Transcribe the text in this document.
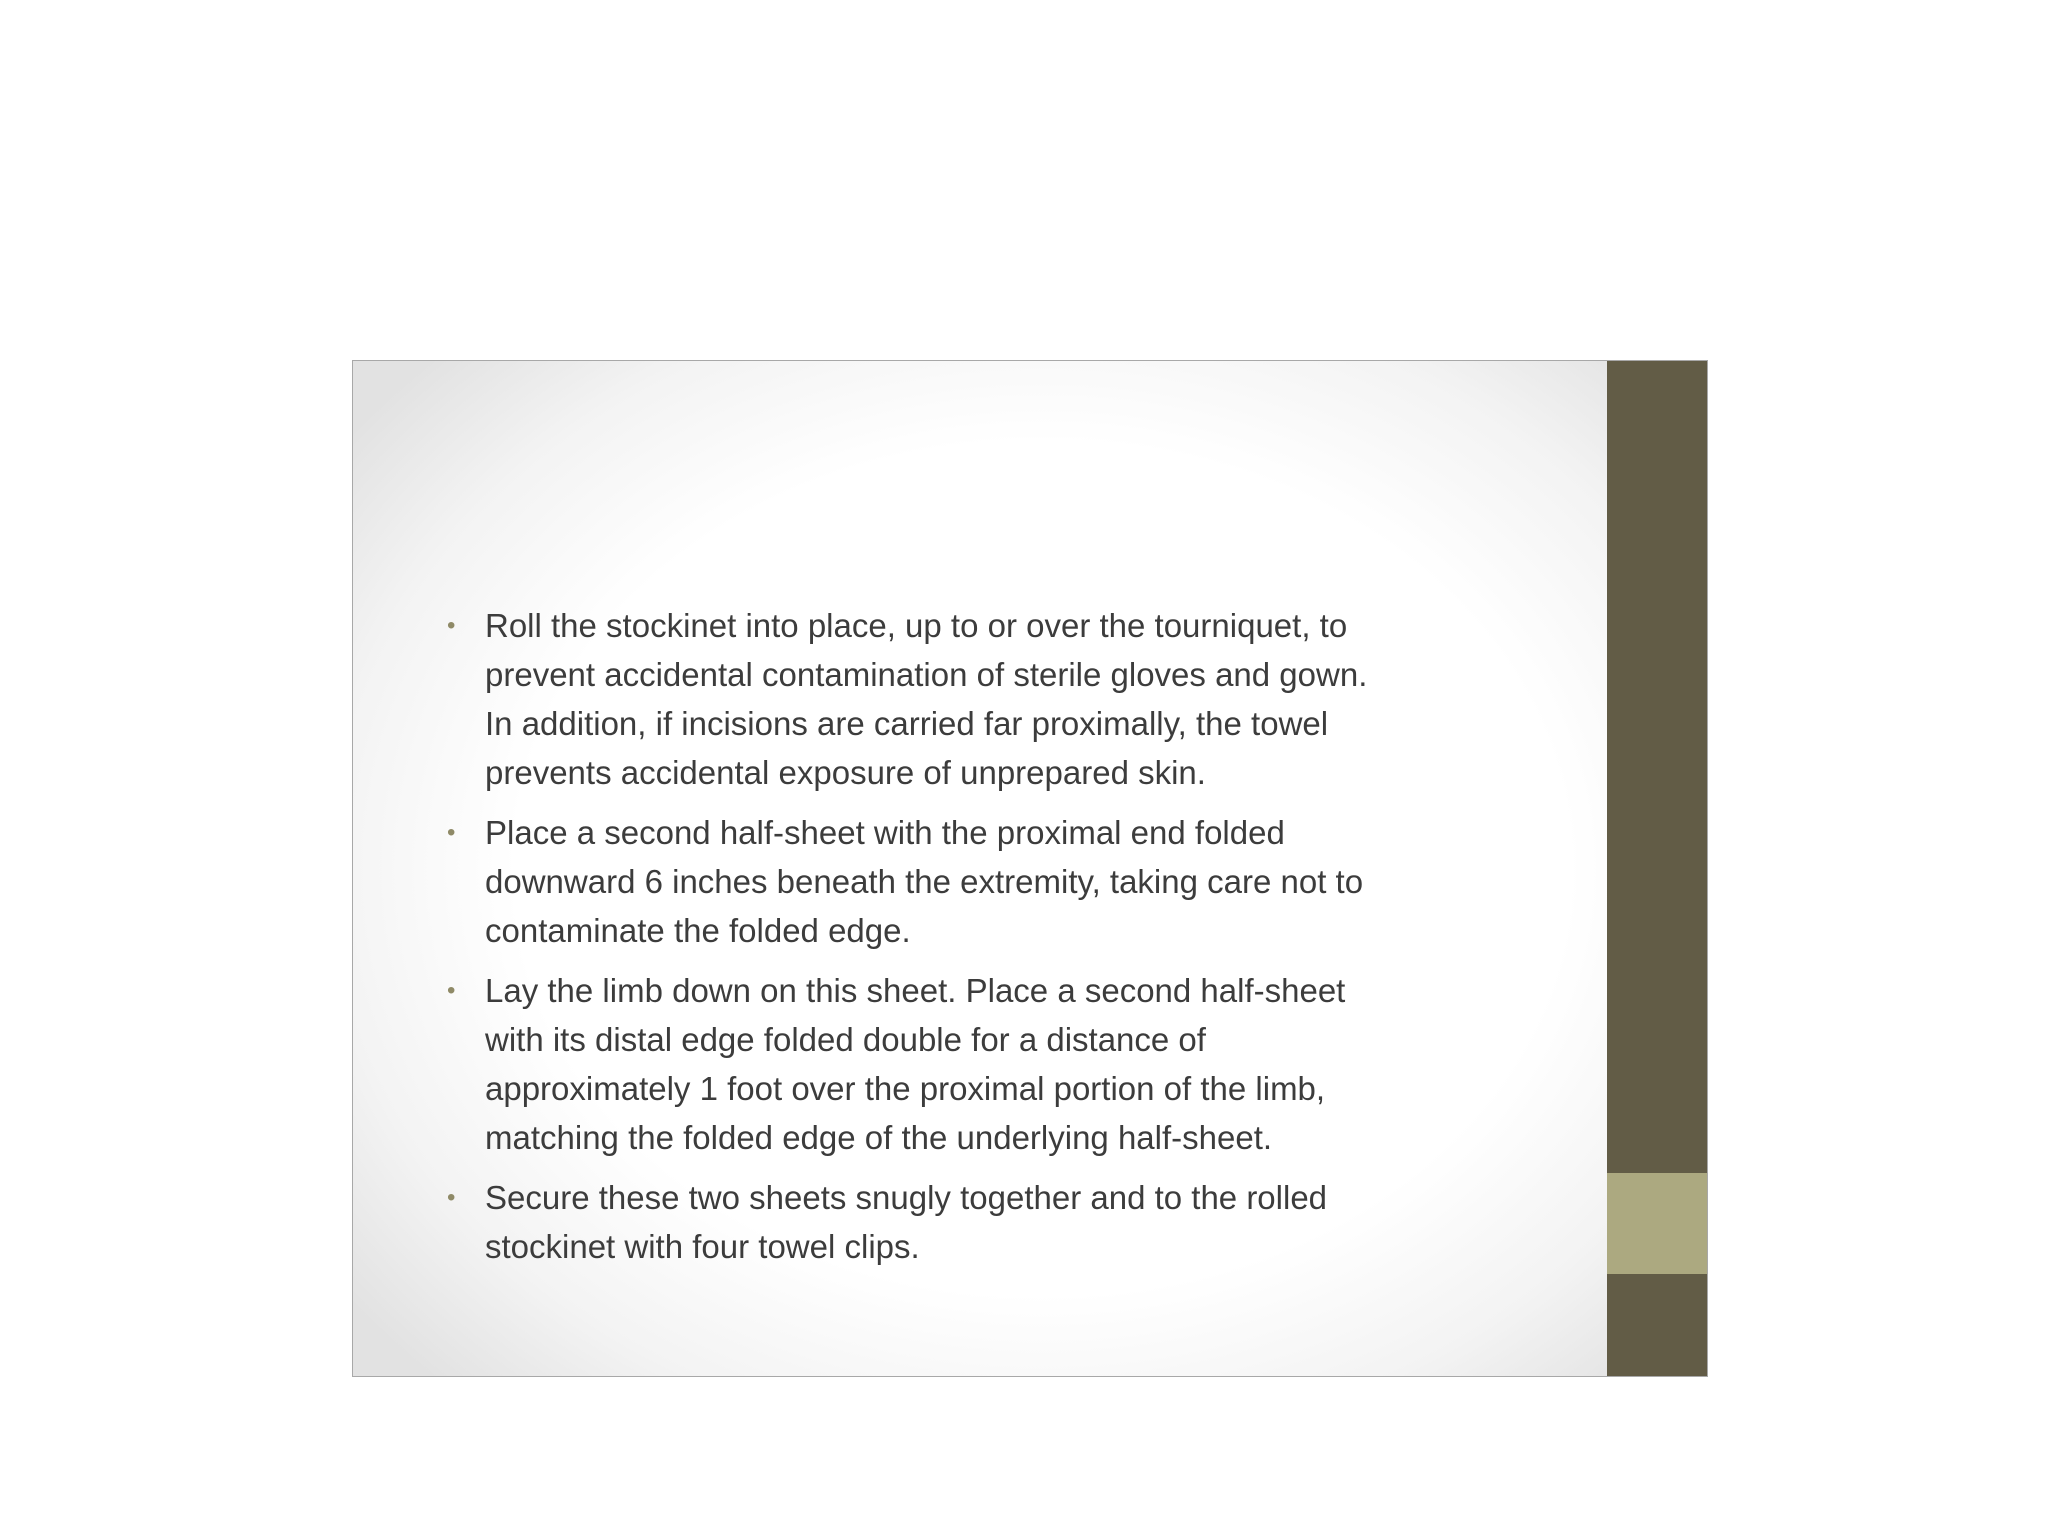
• Roll the stockinet into place, up to or over the tourniquet, to
prevent accidental contamination of sterile gloves and gown.
In addition, if incisions are carried far proximally, the towel
prevents accidental exposure of unprepared skin.
• Place a second half-sheet with the proximal end folded
downward 6 inches beneath the extremity, taking care not to
contaminate the folded edge.
• Lay the limb down on this sheet. Place a second half-sheet
with its distal edge folded double for a distance of
approximately 1 foot over the proximal portion of the limb,
matching the folded edge of the underlying half-sheet.
• Secure these two sheets snugly together and to the rolled
stockinet with four towel clips.
